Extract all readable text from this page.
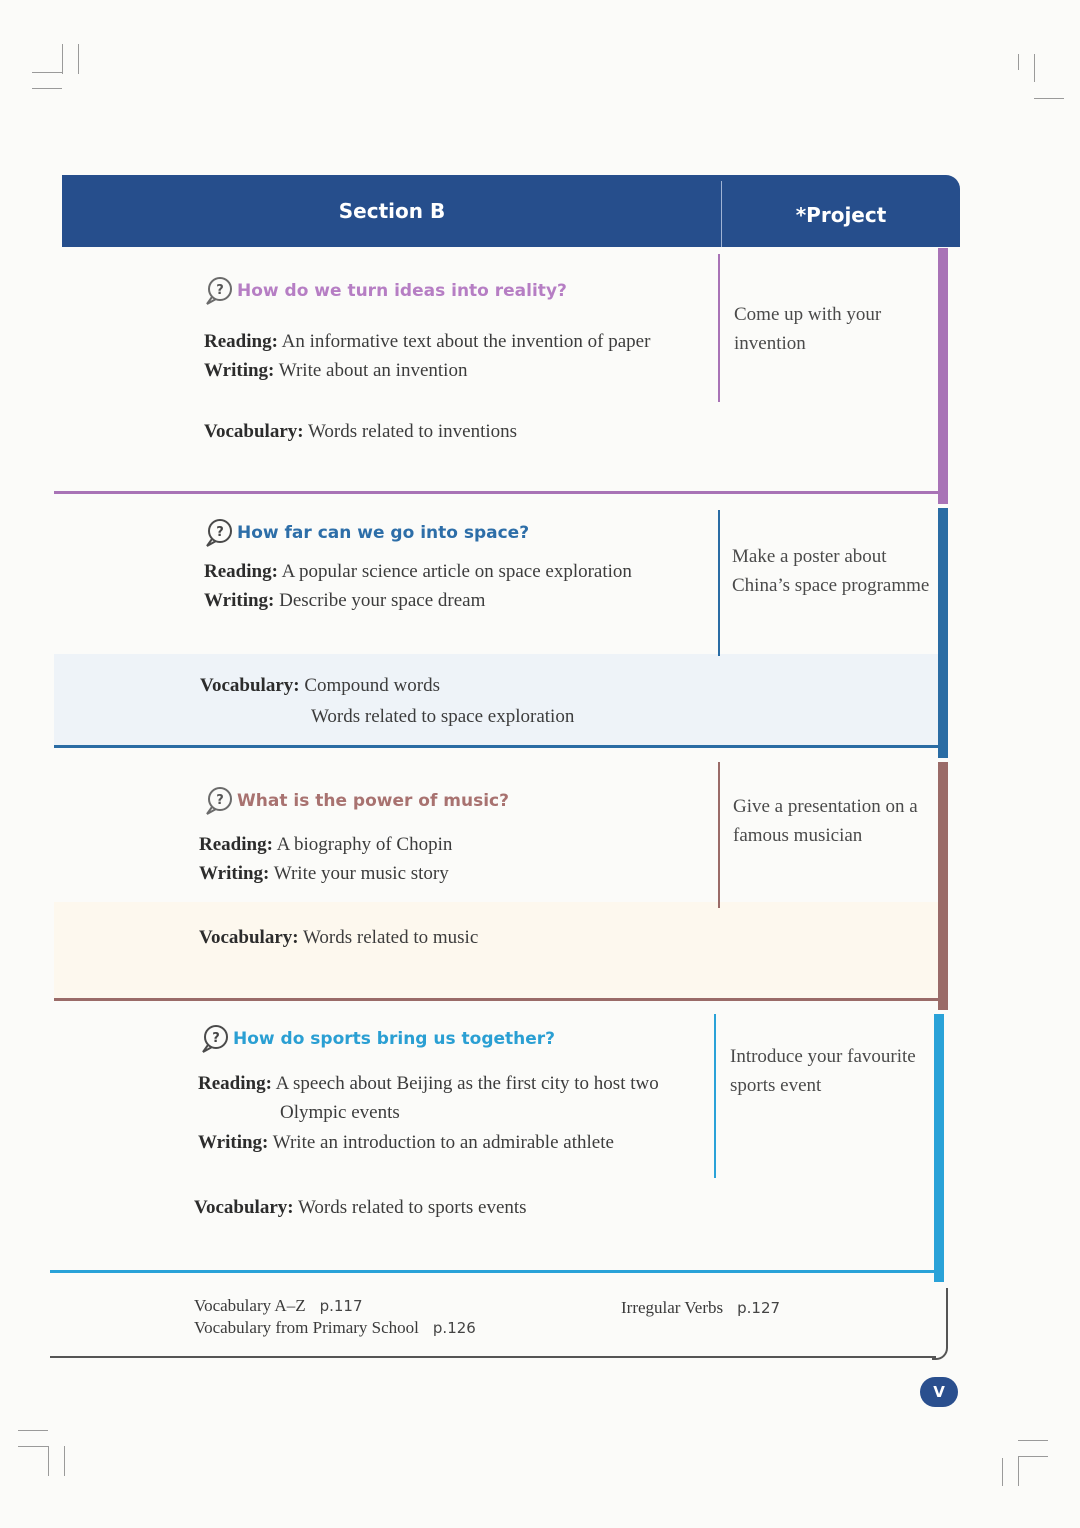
Section B	*Project
? How do we turn ideas into reality?
Reading: An informative text about the invention of paper
Writing: Write about an invention
Vocabulary: Words related to inventions
Come up with your invention
? How far can we go into space?
Reading: A popular science article on space exploration
Writing: Describe your space dream
Vocabulary: Compound words
Words related to space exploration
Make a poster about China’s space programme
? What is the power of music?
Reading: A biography of Chopin
Writing: Write your music story
Vocabulary: Words related to music
Give a presentation on a famous musician
? How do sports bring us together?
Reading: A speech about Beijing as the first city to host two
Olympic events
Writing: Write an introduction to an admirable athlete
Vocabulary: Words related to sports events
Introduce your favourite sports event
Vocabulary A–Z p.117
Vocabulary from Primary School p.126
Irregular Verbs p.127
V
